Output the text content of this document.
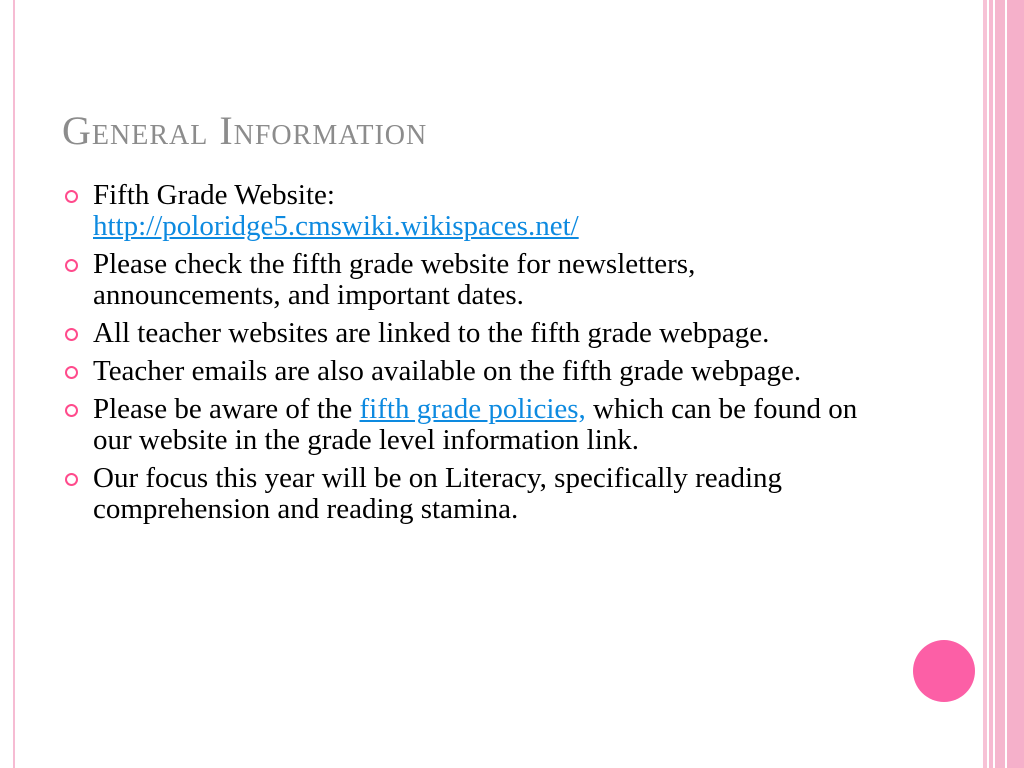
General Information
Fifth Grade Website:
http://poloridge5.cmswiki.wikispaces.net/
Please check the fifth grade website for newsletters, announcements, and important dates.
All teacher websites are linked to the fifth grade webpage.
Teacher emails are also available on the fifth grade webpage.
Please be aware of the fifth grade policies, which can be found on our website in the grade level information link.
Our focus this year will be on Literacy, specifically reading comprehension and reading stamina.
